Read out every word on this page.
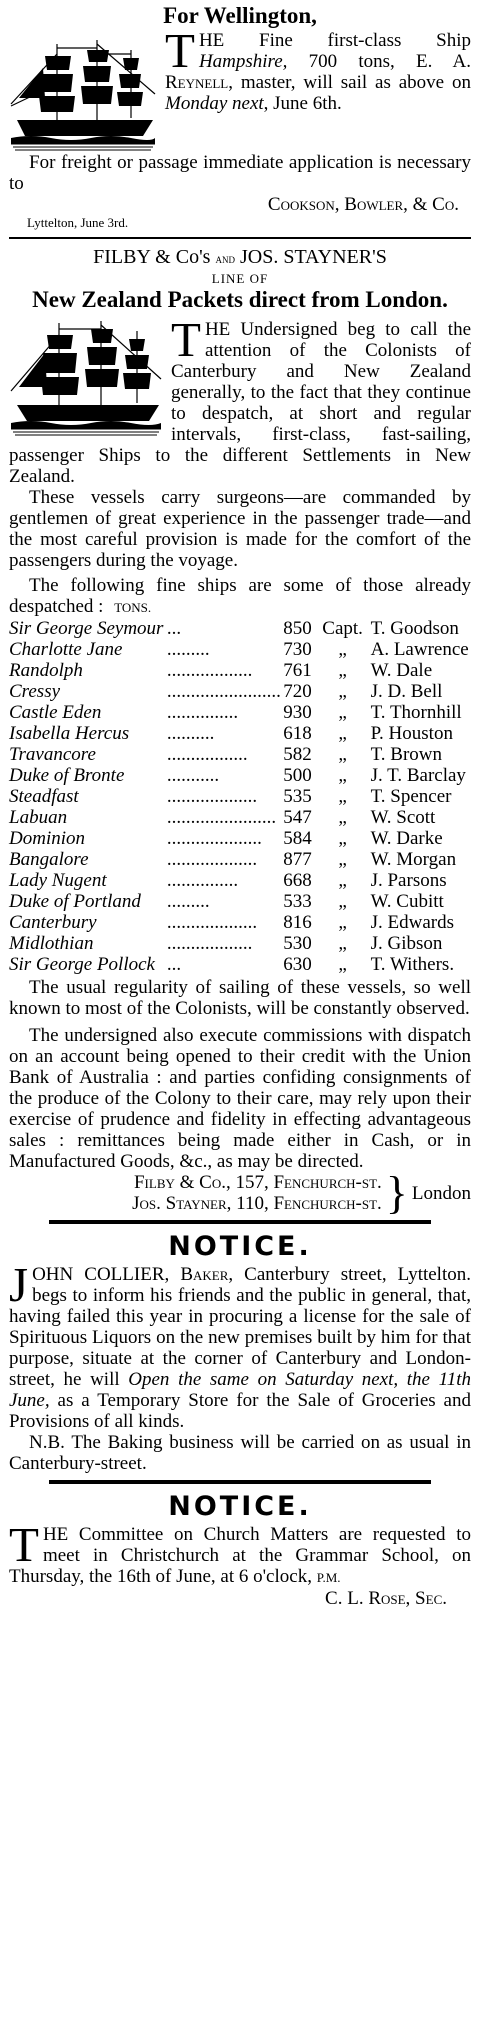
For Wellington,
THE Fine first-class Ship Hampshire, 700 tons, E. A. Reynell, master, will sail as above on Monday next, June 6th.
For freight or passage immediate application is necessary to
Cookson, Bowler, & Co.
Lyttelton, June 3rd.
FILBY & Co's and JOS. STAYNER'S
LINE OF
New Zealand Packets direct from London.
THE Undersigned beg to call the attention of the Colonists of Canterbury and New Zealand generally, to the fact that they continue to despatch, at short and regular intervals, first-class, fast-sailing, passenger Ships to the different Settlements in New Zealand.
These vessels carry surgeons—are commanded by gentlemen of great experience in the passenger trade—and the most careful provision is made for the comfort of the passengers during the voyage.
The following fine ships are some of those already despatched : TONS.
Sir George Seymour	...	850	Capt.	T. Goodson
Charlotte Jane	.........	730	„	A. Lawrence
Randolph	..................	761	„	W. Dale
Cressy	........................	720	„	J. D. Bell
Castle Eden	...............	930	„	T. Thornhill
Isabella Hercus	..........	618	„	P. Houston
Travancore	.................	582	„	T. Brown
Duke of Bronte	...........	500	„	J. T. Barclay
Steadfast	...................	535	„	T. Spencer
Labuan	.......................	547	„	W. Scott
Dominion	....................	584	„	W. Darke
Bangalore	...................	877	„	W. Morgan
Lady Nugent	...............	668	„	J. Parsons
Duke of Portland	.........	533	„	W. Cubitt
Canterbury	...................	816	„	J. Edwards
Midlothian	..................	530	„	J. Gibson
Sir George Pollock	...	630	„	T. Withers.
The usual regularity of sailing of these vessels, so well known to most of the Colonists, will be constantly observed.
The undersigned also execute commissions with dispatch on an account being opened to their credit with the Union Bank of Australia : and parties confiding consignments of the produce of the Colony to their care, may rely upon their exercise of prudence and fidelity in effecting advantageous sales : remittances being made either in Cash, or in Manufactured Goods, &c., as may be directed.
Filby & Co., 157, Fenchurch-st.
Jos. Stayner, 110, Fenchurch-st. } London
NOTICE.
JOHN COLLIER, Baker, Canterbury street, Lyttelton. begs to inform his friends and the public in general, that, having failed this year in procuring a license for the sale of Spirituous Liquors on the new premises built by him for that purpose, situate at the corner of Canterbury and London-street, he will Open the same on Saturday next, the 11th June, as a Temporary Store for the Sale of Groceries and Provisions of all kinds.
N.B. The Baking business will be carried on as usual in Canterbury-street.
NOTICE.
THE Committee on Church Matters are requested to meet in Christchurch at the Grammar School, on Thursday, the 16th of June, at 6 o'clock, P.M.
C. L. Rose, Sec.
